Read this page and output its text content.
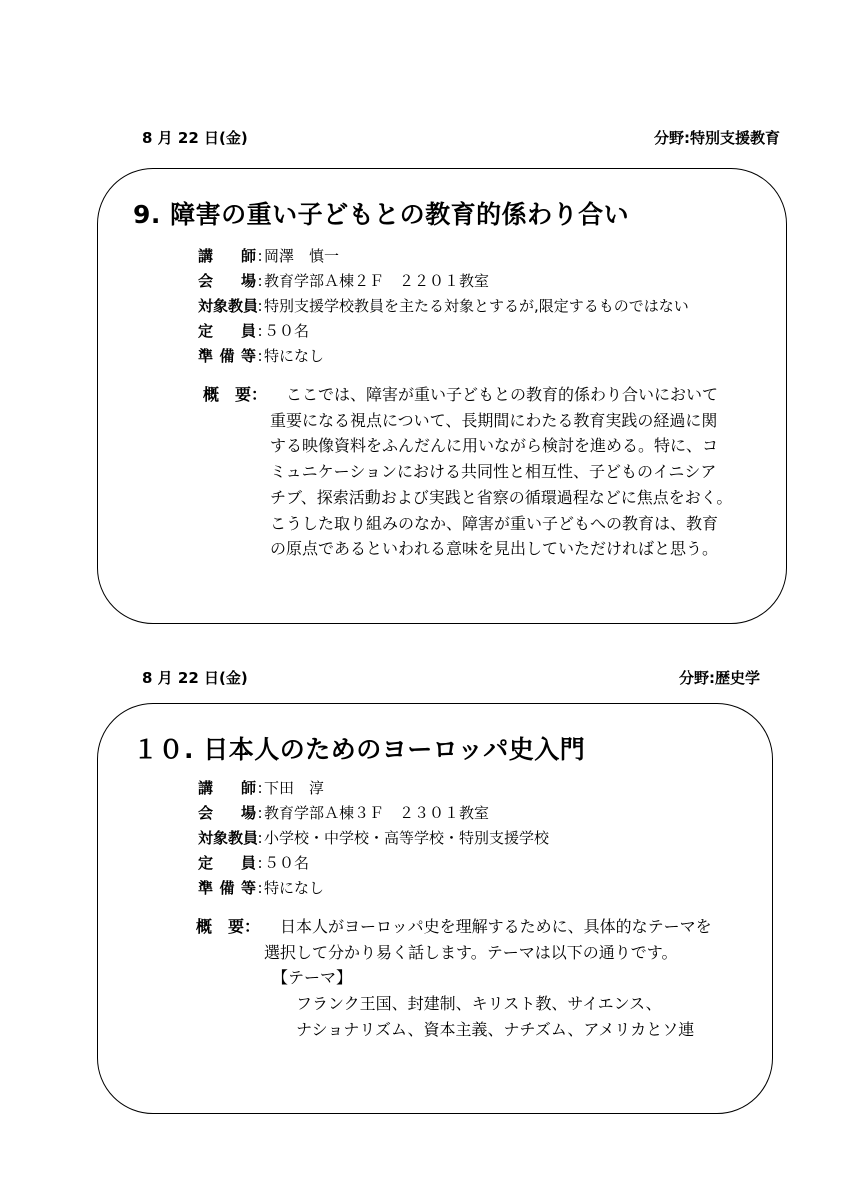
8 月 22 日(金)	分野:特別支援教育
9. 障害の重い子どもとの教育的係わり合い
講 師 : 岡澤　慎一
会 場 : 教育学部Ａ棟２Ｆ　２２０１教室
対象教員 : 特別支援学校教員を主たる対象とするが,限定するものではない
定 員 : ５０名
準備等 : 特になし
概　要： 　ここでは、障害が重い子どもとの教育的係わり合いにおいて
重要になる視点について、長期間にわたる教育実践の経過に関
する映像資料をふんだんに用いながら検討を進める。特に、コ
ミュニケーションにおける共同性と相互性、子どものイニシア
チブ、探索活動および実践と省察の循環過程などに焦点をおく。
こうした取り組みのなか、障害が重い子どもへの教育は、教育
の原点であるといわれる意味を見出していただければと思う。
8 月 22 日(金)	分野:歴史学
１０. 日本人のためのヨーロッパ史入門
講 師 : 下田　淳
会 場 : 教育学部Ａ棟３Ｆ　２３０１教室
対象教員 : 小学校・中学校・高等学校・特別支援学校
定 員 : ５０名
準備等 : 特になし
概　要： 　日本人がヨーロッパ史を理解するために、具体的なテーマを
選択して分かり易く話します。テーマは以下の通りです。
　【テーマ】
　　フランク王国、封建制、キリスト教、サイエンス、
　　ナショナリズム、資本主義、ナチズム、アメリカとソ連
